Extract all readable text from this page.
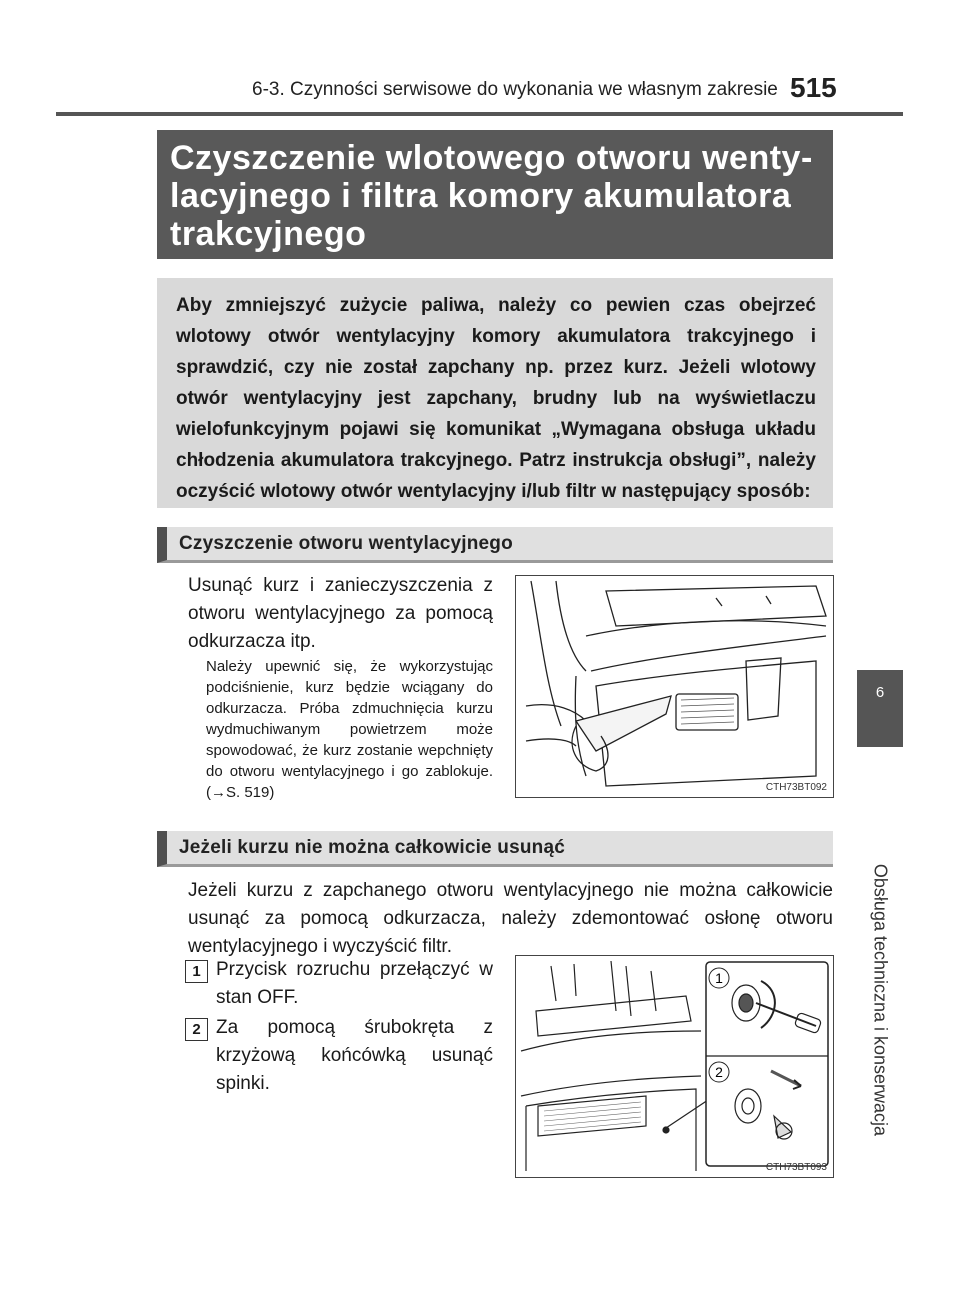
6-3. Czynności serwisowe do wykonania we własnym zakresie 515
6
Obsługa techniczna i konserwacja
Czyszczenie wlotowego otworu wenty-
lacyjnego i filtra komory akumulatora
trakcyjnego
Aby zmniejszyć zużycie paliwa, należy co pewien czas obejrzeć wlotowy otwór wentylacyjny komory akumulatora trakcyjnego i sprawdzić, czy nie został zapchany np. przez kurz. Jeżeli wlotowy otwór wentylacyjny jest zapchany, brudny lub na wyświetlaczu wielofunkcyjnym pojawi się komunikat „Wymagana obsługa układu chłodzenia akumulatora trakcyjnego. Patrz instrukcja obsługi”, należy oczyścić wlotowy otwór wentylacyjny i/lub filtr w następujący sposób:
Czyszczenie otworu wentylacyjnego
Usunąć kurz i zanieczyszczenia z otworu wentylacyjnego za pomocą odkurzacza itp.
Należy upewnić się, że wykorzystując podciśnienie, kurz będzie wciągany do odkurzacza. Próba zdmuchnięcia kurzu wydmuchiwanym powietrzem może spowodować, że kurz zostanie wepchnięty do otworu wentylacyjnego i go zablokuje. (→S. 519)	CTH73BT092
Jeżeli kurzu nie można całkowicie usunąć
Jeżeli kurzu z zapchanego otworu wentylacyjnego nie można całkowicie usunąć za pomocą odkurzacza, należy zdemontować osłonę otworu wentylacyjnego i wyczyścić filtr.
1 Przycisk rozruchu przełączyć w stan OFF.
2 Za pomocą śrubokręta z krzyżową końcówką usunąć spinki.
1
2
CTH73BT093
